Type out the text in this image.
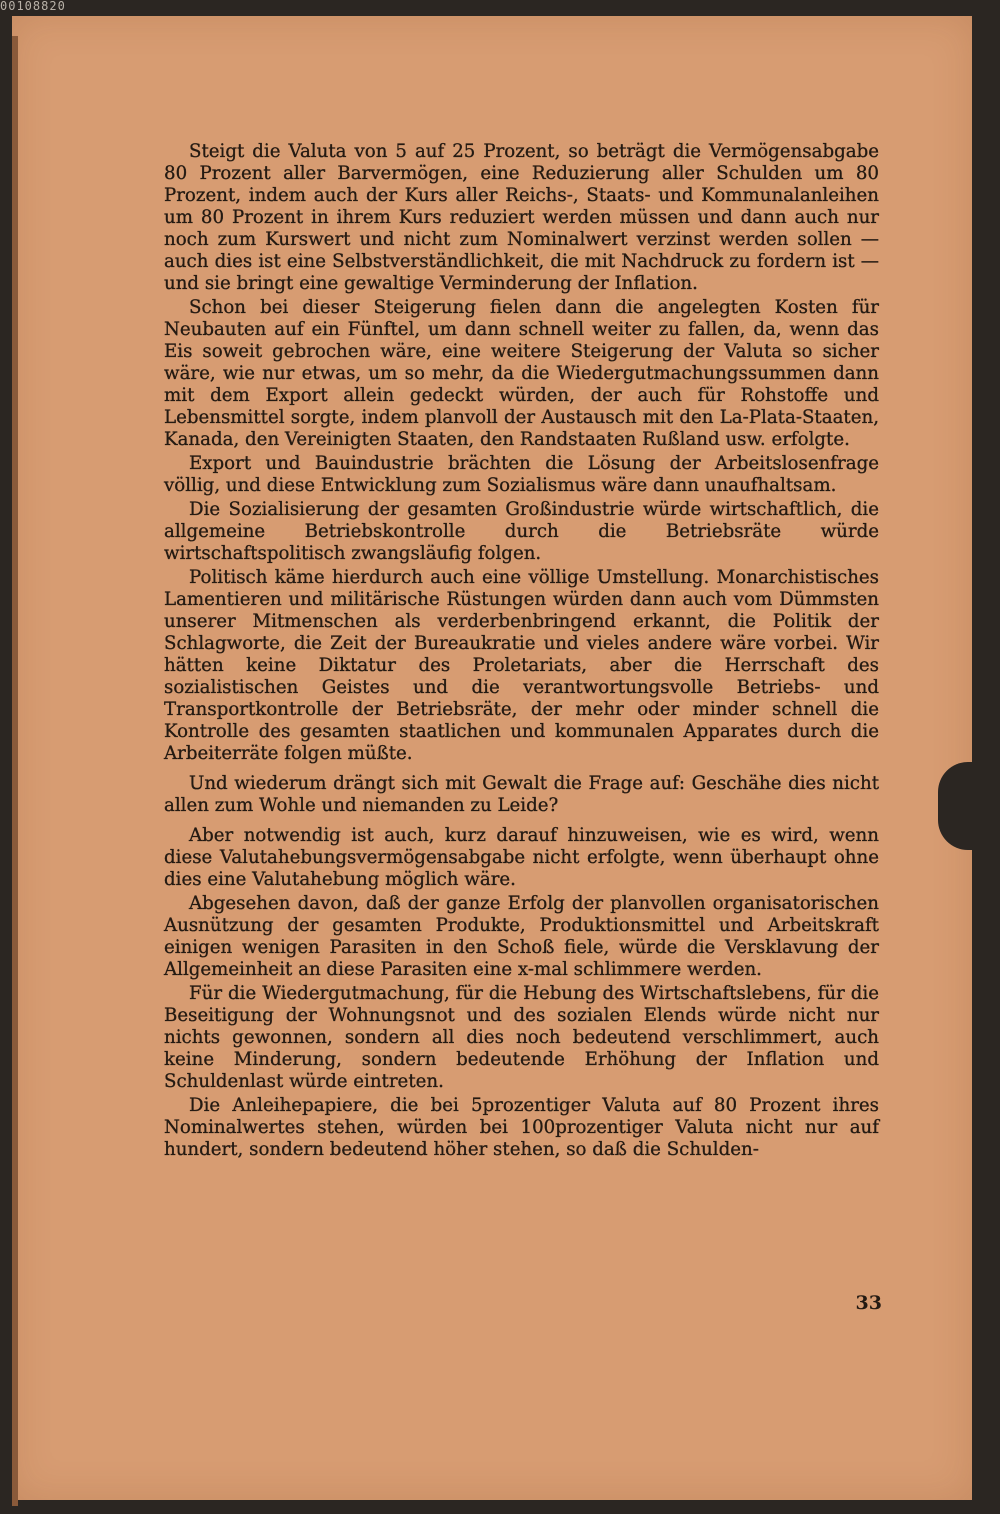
00108820

Steigt die Valuta von 5 auf 25 Prozent, so beträgt die Vermögensabgabe 80 Prozent aller Barvermögen, eine Reduzierung aller Schulden um 80 Prozent, indem auch der Kurs aller Reichs-, Staats- und Kommunalanleihen um 80 Prozent in ihrem Kurs reduziert werden müssen und dann auch nur noch zum Kurswert und nicht zum Nominalwert verzinst werden sollen — auch dies ist eine Selbstverständlichkeit, die mit Nachdruck zu fordern ist — und sie bringt eine gewaltige Verminderung der Inflation.

Schon bei dieser Steigerung fielen dann die angelegten Kosten für Neubauten auf ein Fünftel, um dann schnell weiter zu fallen, da, wenn das Eis soweit gebrochen wäre, eine weitere Steigerung der Valuta so sicher wäre, wie nur etwas, um so mehr, da die Wiedergutmachungssummen dann mit dem Export allein gedeckt würden, der auch für Rohstoffe und Lebensmittel sorgte, indem planvoll der Austausch mit den La-Plata-Staaten, Kanada, den Vereinigten Staaten, den Randstaaten Rußland usw. erfolgte.

Export und Bauindustrie brächten die Lösung der Arbeitslosenfrage völlig, und diese Entwicklung zum Sozialismus wäre dann unaufhaltsam.

Die Sozialisierung der gesamten Großindustrie würde wirtschaftlich, die allgemeine Betriebskontrolle durch die Betriebsräte würde wirtschaftspolitisch zwangsläufig folgen.

Politisch käme hierdurch auch eine völlige Umstellung. Monarchistisches Lamentieren und militärische Rüstungen würden dann auch vom Dümmsten unserer Mitmenschen als verderbenbringend erkannt, die Politik der Schlagworte, die Zeit der Bureaukratie und vieles andere wäre vorbei. Wir hätten keine Diktatur des Proletariats, aber die Herrschaft des sozialistischen Geistes und die verantwortungsvolle Betriebs- und Transportkontrolle der Betriebsräte, der mehr oder minder schnell die Kontrolle des gesamten staatlichen und kommunalen Apparates durch die Arbeiterräte folgen müßte.

Und wiederum drängt sich mit Gewalt die Frage auf: Geschähe dies nicht allen zum Wohle und niemanden zu Leide?

Aber notwendig ist auch, kurz darauf hinzuweisen, wie es wird, wenn diese Valutahebungsvermögensabgabe nicht erfolgte, wenn überhaupt ohne dies eine Valutahebung möglich wäre.

Abgesehen davon, daß der ganze Erfolg der planvollen organisatorischen Ausnützung der gesamten Produkte, Produktionsmittel und Arbeitskraft einigen wenigen Parasiten in den Schoß fiele, würde die Versklavung der Allgemeinheit an diese Parasiten eine x-mal schlimmere werden.

Für die Wiedergutmachung, für die Hebung des Wirtschaftslebens, für die Beseitigung der Wohnungsnot und des sozialen Elends würde nicht nur nichts gewonnen, sondern all dies noch bedeutend verschlimmert, auch keine Minderung, sondern bedeutende Erhöhung der Inflation und Schuldenlast würde eintreten.

Die Anleihepapiere, die bei 5prozentiger Valuta auf 80 Prozent ihres Nominalwertes stehen, würden bei 100prozentiger Valuta nicht nur auf hundert, sondern bedeutend höher stehen, so daß die Schulden-

33
